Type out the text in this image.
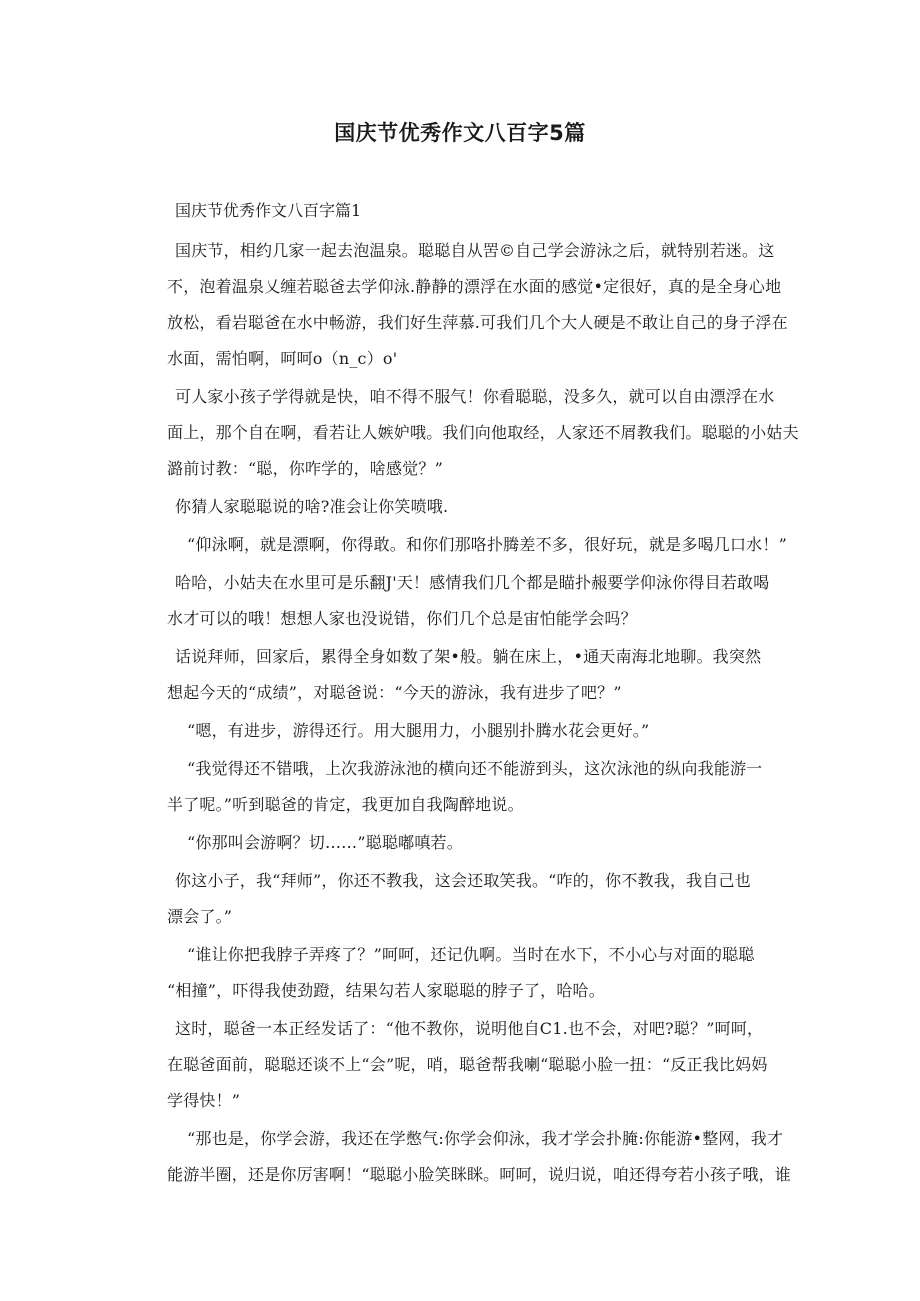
国庆节优秀作文八百字5篇
国庆节优秀作文八百字篇1
国庆节，相约几家一起去泡温泉。聪聪自从罟©自己学会游泳之后，就特别若迷。这
不，泡着温泉乂缠若聪爸去学仰泳.静静的漂浮在水面的感觉•定很好，真的是全身心地
放松，看岩聪爸在水中畅游，我们好生萍慕.可我们几个大人硬是不敢让自己的身子浮在
水面，需怕啊，呵呵o（n_c）o'
可人家小孩子学得就是快，咱不得不服气！你看聪聪，没多久，就可以自由漂浮在水
面上，那个自在啊，看若让人嫉妒哦。我们向他取经，人家还不屑教我们。聪聪的小姑夫
潞前讨教：“聪，你咋学的，啥感觉？”
你猜人家聪聪说的啥?准会让你笑喷哦.
“仰泳啊，就是漂啊，你得敢。和你们那咯扑腾差不多，很好玩，就是多喝几口水！”
哈哈，小姑夫在水里可是乐翻J'天！感情我们几个都是瞄扑赧要学仰泳你得目若敢喝
水才可以的哦！想想人家也没说错，你们几个总是宙怕能学会吗？
话说拜师，回家后，累得全身如数了架•般。躺在床上，•通天南海北地聊。我突然
想起今天的“成绩”，对聪爸说：“今天的游泳，我有进步了吧？”
“嗯，有进步，游得还行。用大腿用力，小腿别扑腾水花会更好。”
“我觉得还不错哦，上次我游泳池的横向还不能游到头，这次泳池的纵向我能游一
半了呢。”听到聪爸的肯定，我更加自我陶醉地说。
“你那叫会游啊？切……”聪聪嘟嗔若。
你这小子，我“拜师”，你还不教我，这会还取笑我。“咋的，你不教我，我自己也
漂会了。”
“谁让你把我脖子弄疼了？”呵呵，还记仇啊。当时在水下，不小心与对面的聪聪
“相撞”，吓得我使劲蹬，结果勾若人家聪聪的脖子了，哈哈。
这时，聪爸一本正经发话了：“他不教你，说明他自C1.也不会，对吧?聪？”呵呵，
在聪爸面前，聪聪还谈不上“会”呢，哨，聪爸帮我喇“聪聪小脸一扭：“反正我比妈妈
学得快！”
“那也是，你学会游，我还在学憋气:你学会仰泳，我才学会扑腌:你能游•整网，我才
能游半圈，还是你厉害啊！“聪聪小脸笑眯眯。呵呵，说归说，咱还得夸若小孩子哦，谁
